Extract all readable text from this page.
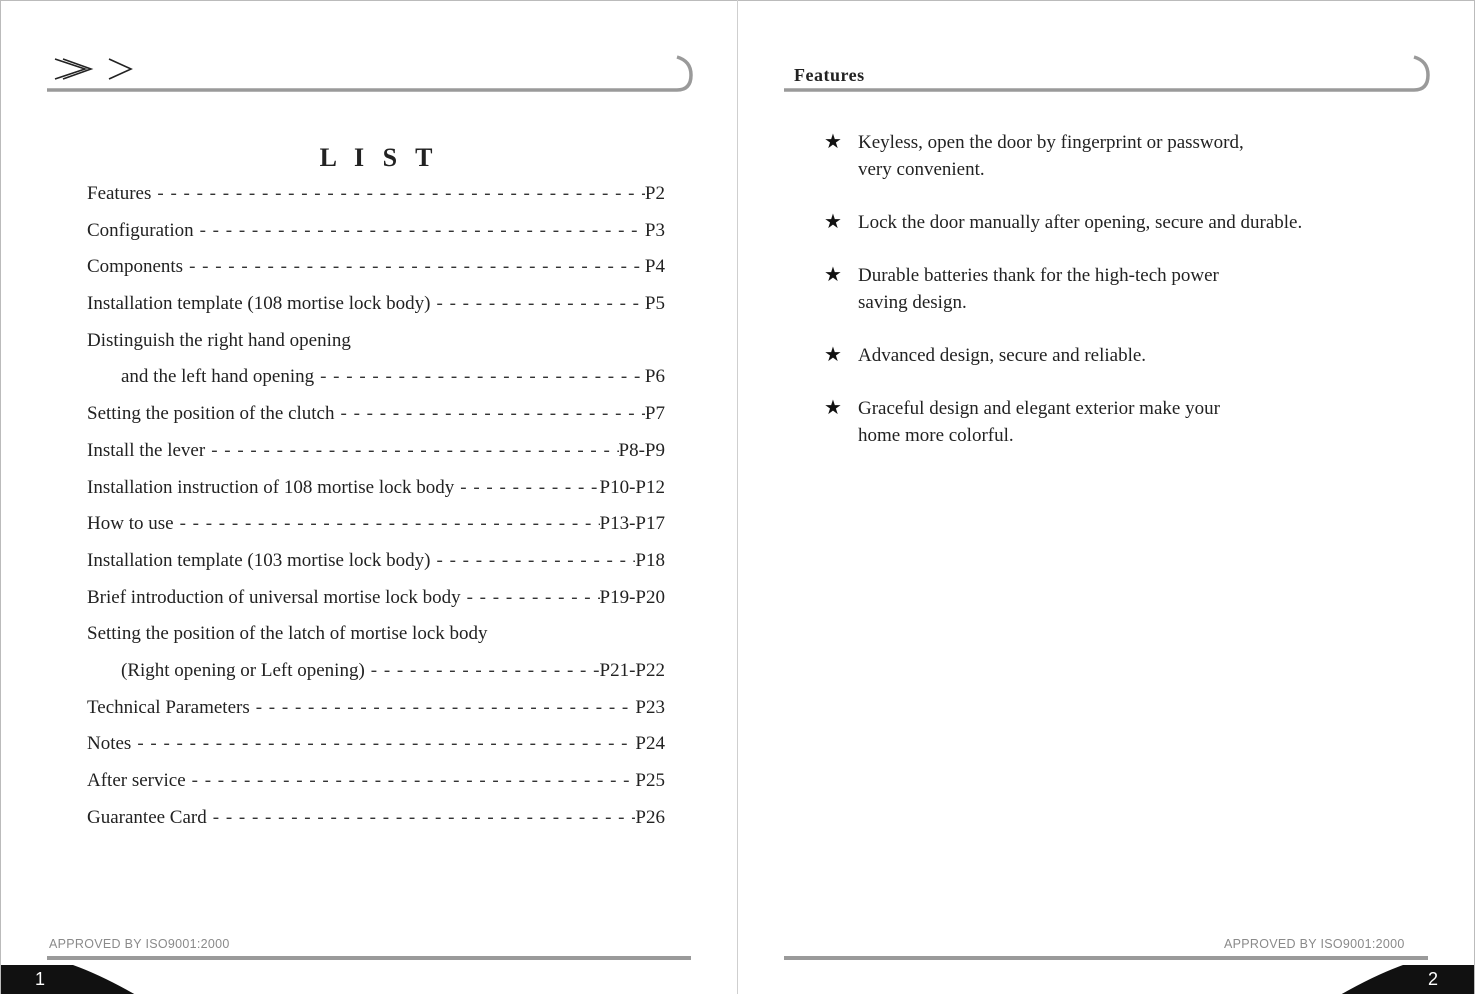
L I S T
Features - - -	P2
Configuration - - -	P3
Components - - -	P4
Installation template (108 mortise lock body) - - -	P5
Distinguish the right hand opening
and the left hand opening - - -	P6
Setting the position of the clutch - - -	P7
Install the lever - - -	P8-P9
Installation instruction of 108 mortise lock body - - -	P10-P12
How to use - - -	P13-P17
Installation template (103 mortise lock body) - - -	P18
Brief introduction of universal mortise lock body - - -	P19-P20
Setting the position of the latch of mortise lock body
(Right opening or Left opening) - - -	P21-P22
Technical Parameters - - -	P23
Notes - - -	P24
After service - - -	P25
Guarantee Card - - -	P26
APPROVED BY ISO9001:2000
1
Features
★ Keyless, open the door by fingerprint or password,
very convenient.
★ Lock the door manually after opening, secure and durable.
★ Durable batteries thank for the high-tech power
saving design.
★ Advanced design, secure and reliable.
★ Graceful design and elegant exterior make your
home more colorful.
APPROVED BY ISO9001:2000
2
